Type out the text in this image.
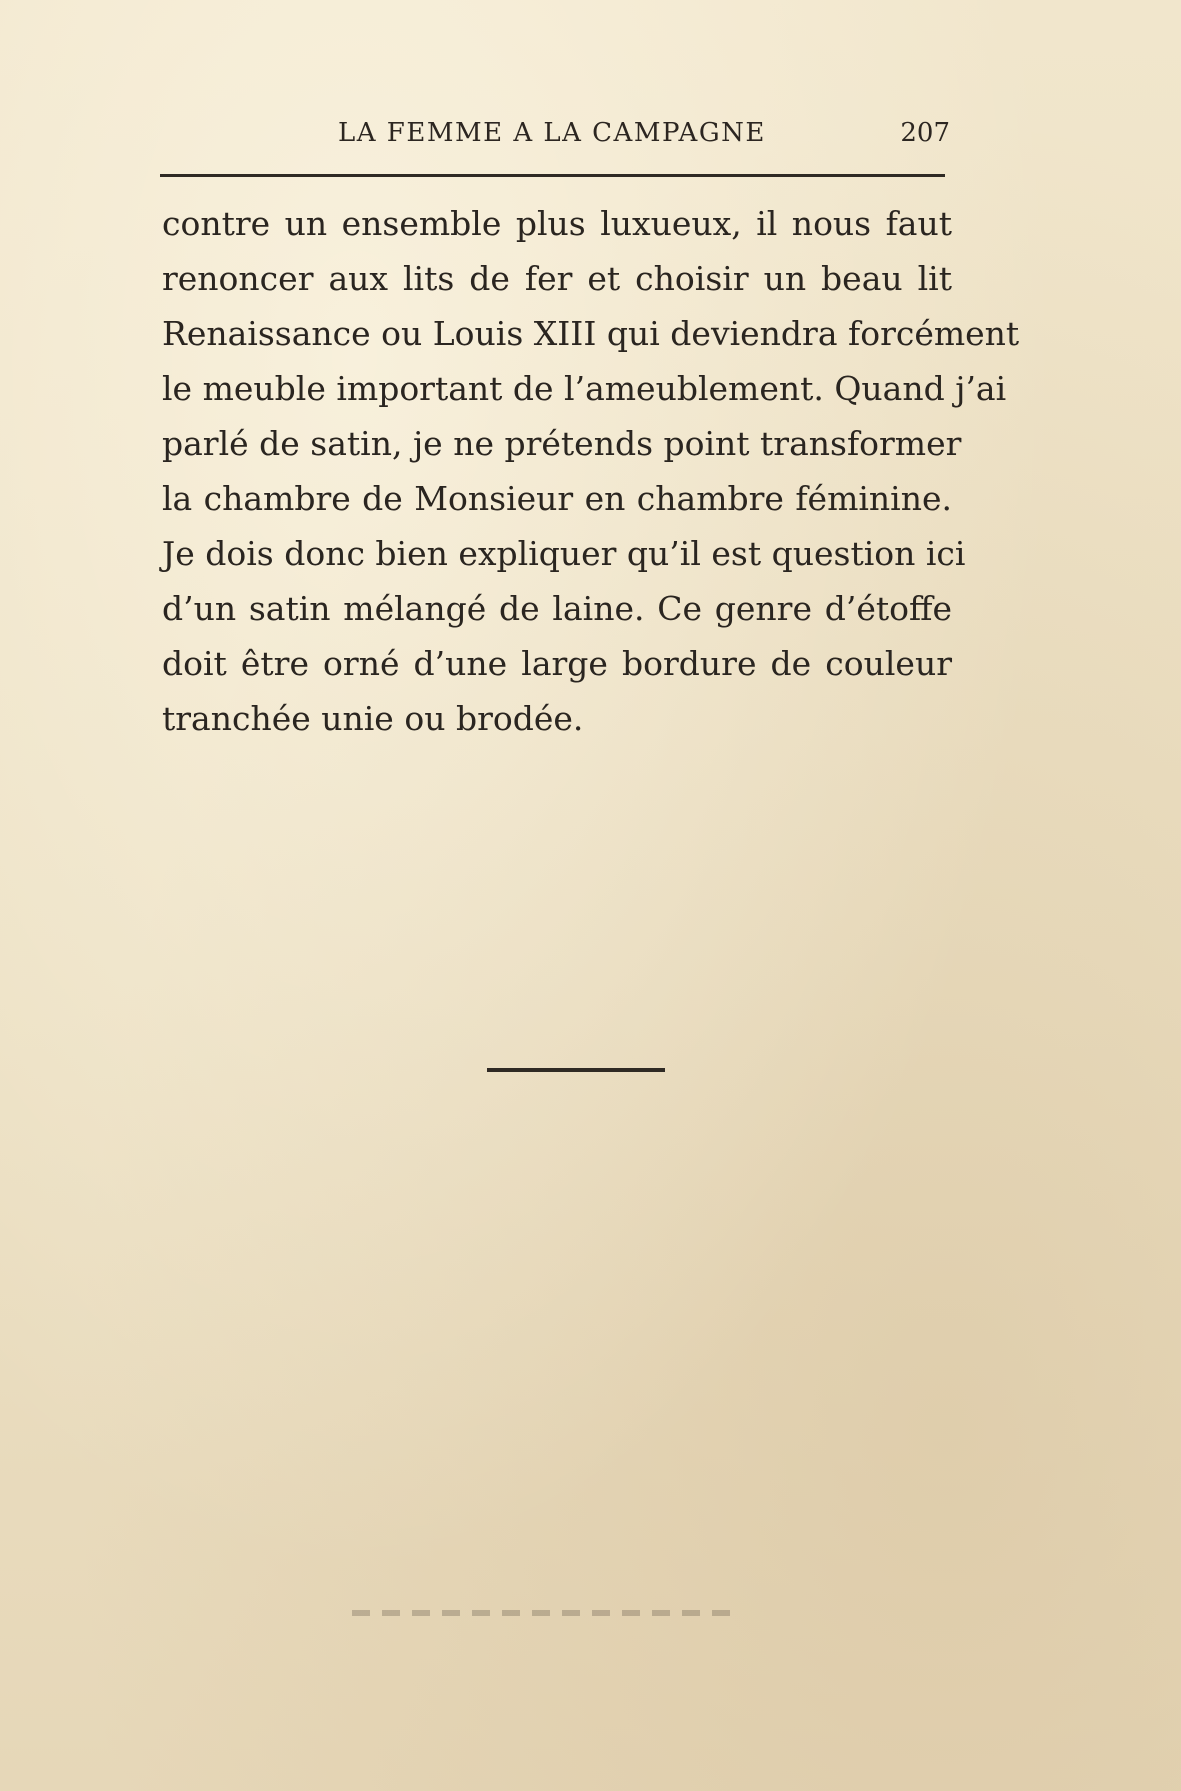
LA FEMME A LA CAMPAGNE	207
contre un ensemble plus luxueux, il nous faut
renoncer aux lits de fer et choisir un beau lit
Renaissance ou Louis XIII qui deviendra forcément
le meuble important de l’ameublement. Quand j’ai
parlé de satin, je ne prétends point transformer
la chambre de Monsieur en chambre féminine.
Je dois donc bien expliquer qu’il est question ici
d’un satin mélangé de laine. Ce genre d’étoffe
doit être orné d’une large bordure de couleur
tranchée unie ou brodée.
